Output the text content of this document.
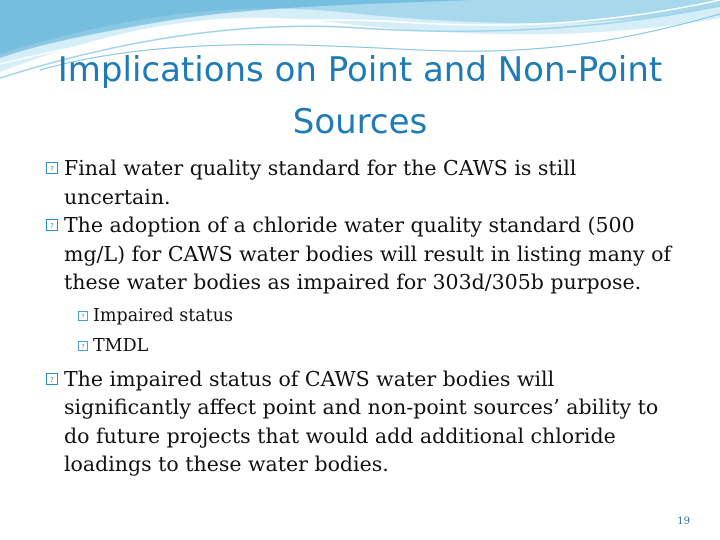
Implications on Point and Non-Point Sources
? Final water quality standard for the CAWS is still uncertain.
? The adoption of a chloride water quality standard (500 mg/L) for CAWS water bodies will result in listing many of these water bodies as impaired for 303d/305b purpose.
? Impaired status
? TMDL
? The impaired status of CAWS water bodies will significantly affect point and non-point sources’ ability to do future projects that would add additional chloride loadings to these water bodies.
19
